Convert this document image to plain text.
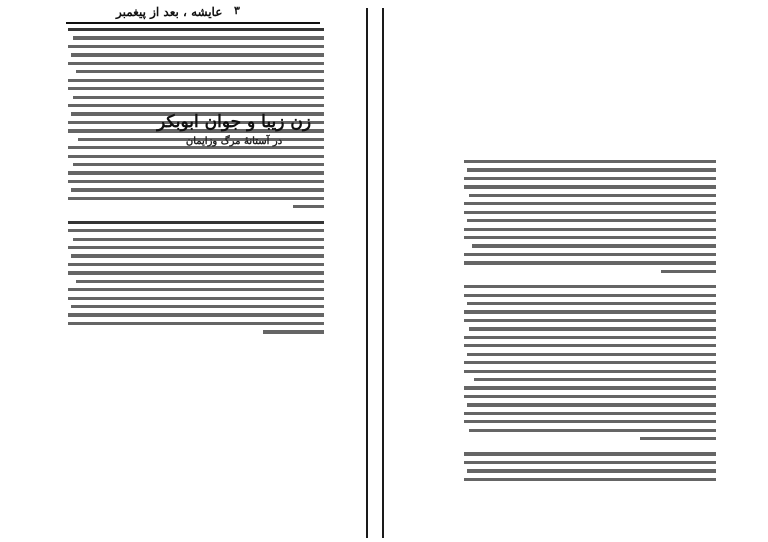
۳
عایشه ، بعد از پیغمبر
زن زیبا و جوان ابوبکر
در آستانهٔ مرگ وزایمان
